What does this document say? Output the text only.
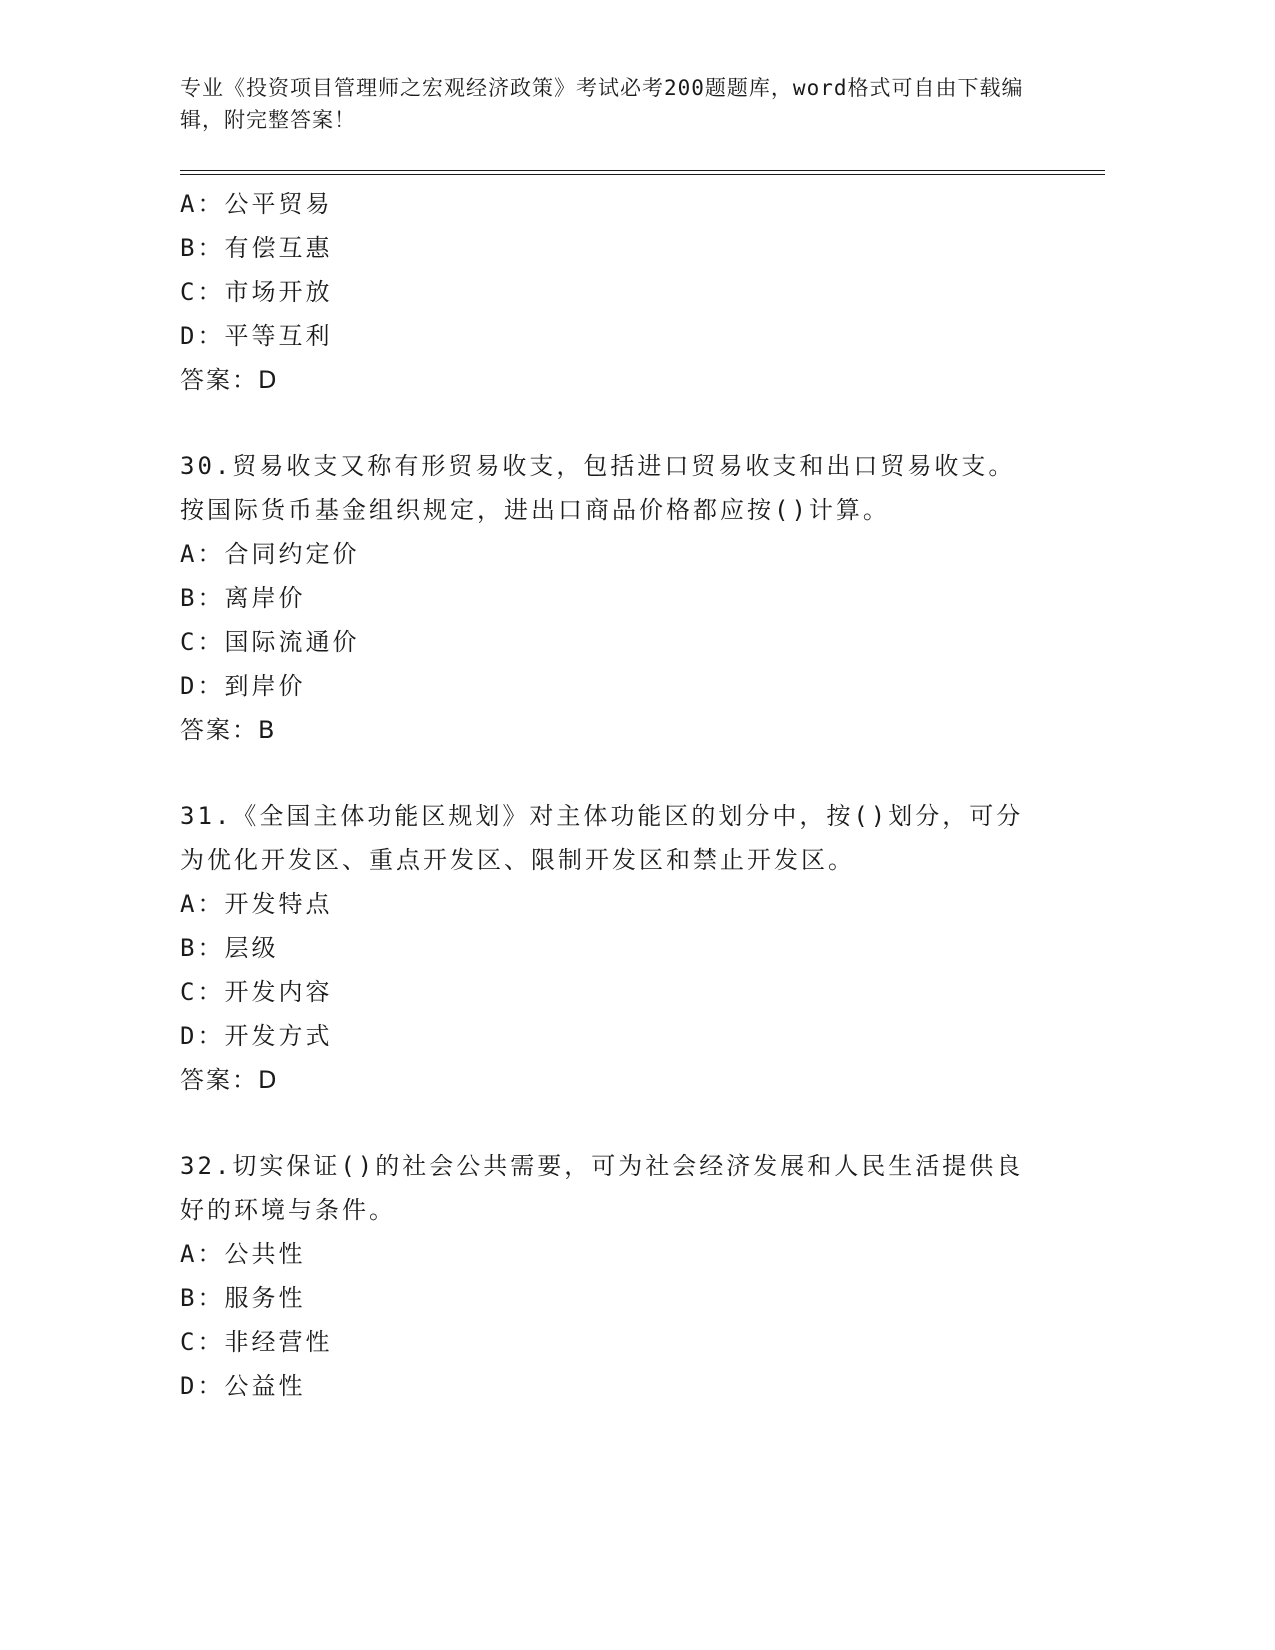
专业《投资项目管理师之宏观经济政策》考试必考200题题库，word格式可自由下载编辑，附完整答案！
A：公平贸易
B：有偿互惠
C：市场开放
D：平等互利
答案：D
30.贸易收支又称有形贸易收支，包括进口贸易收支和出口贸易收支。按国际货币基金组织规定，进出口商品价格都应按()计算。
A：合同约定价
B：离岸价
C：国际流通价
D：到岸价
答案：B
31.《全国主体功能区规划》对主体功能区的划分中，按()划分，可分为优化开发区、重点开发区、限制开发区和禁止开发区。
A：开发特点
B：层级
C：开发内容
D：开发方式
答案：D
32.切实保证()的社会公共需要，可为社会经济发展和人民生活提供良好的环境与条件。
A：公共性
B：服务性
C：非经营性
D：公益性
